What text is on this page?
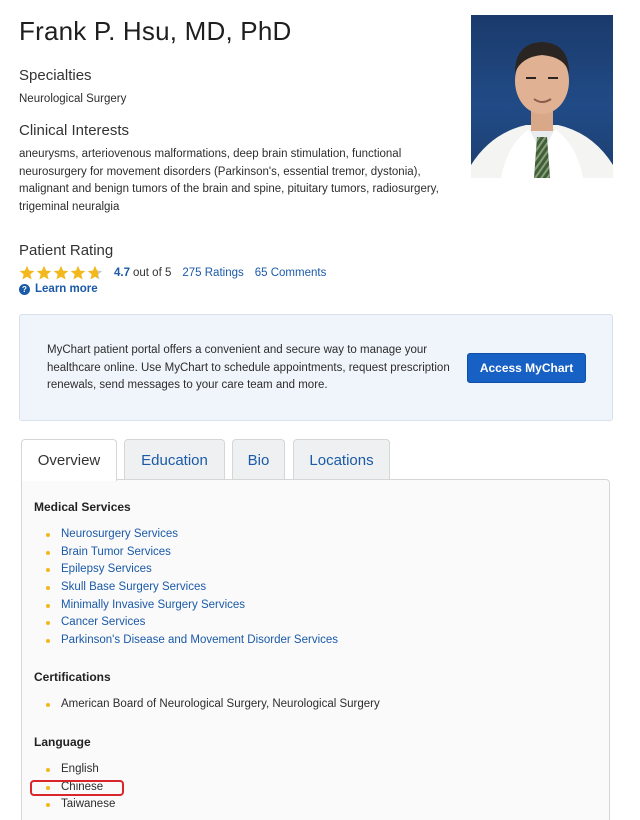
Frank P. Hsu, MD, PhD
Specialties
Neurological Surgery
Clinical Interests
aneurysms, arteriovenous malformations, deep brain stimulation, functional neurosurgery for movement disorders (Parkinson's, essential tremor, dystonia), malignant and benign tumors of the brain and spine, pituitary tumors, radiosurgery, trigeminal neuralgia
Patient Rating
4.7 out of 5 275 Ratings 65 Comments
? Learn more
MyChart patient portal offers a convenient and secure way to manage your healthcare online. Use MyChart to schedule appointments, request prescription renewals, send messages to your care team and more.
Access MyChart
Overview	Education	Bio	Locations
Medical Services
Neurosurgery Services
Brain Tumor Services
Epilepsy Services
Skull Base Surgery Services
Minimally Invasive Surgery Services
Cancer Services
Parkinson's Disease and Movement Disorder Services
Certifications
American Board of Neurological Surgery, Neurological Surgery
Language
English
Chinese
Taiwanese
